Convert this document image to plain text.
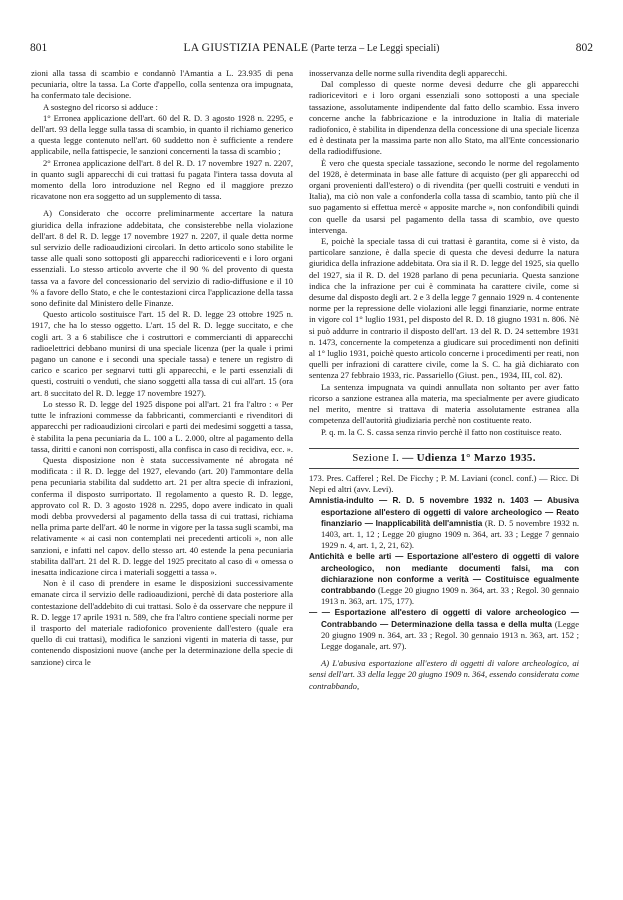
801	LA GIUSTIZIA PENALE (Parte terza – Le Leggi speciali)	802

zioni alla tassa di scambio e condannò l'Amantia a L. 23.935 di pena pecuniaria, oltre la tassa. La Corte d'appello, colla sentenza ora impugnata, ha confermato tale decisione.

A sostegno del ricorso si adduce :

1° Erronea applicazione dell'art. 60 del R. D. 3 agosto 1928 n. 2295, e dell'art. 93 della legge sulla tassa di scambio, in quanto il richiamo generico a questa legge contenuto nell'art. 60 suddetto non è sufficiente a rendere applicabile, nella fattispecie, le sanzioni concernenti la tassa di scambio ;

2° Erronea applicazione dell'art. 8 del R. D. 17 novembre 1927 n. 2207, in quanto sugli apparecchi di cui trattasi fu pagata l'intera tassa dovuta al momento della loro introduzione nel Regno ed il maggiore prezzo ricavatone non era soggetto ad un supplemento di tassa.

A) Considerato che occorre preliminarmente accertare la natura giuridica della infrazione addebitata, che consisterebbe nella violazione dell'art. 8 del R. D. legge 17 novembre 1927 n. 2207, il quale detta norme sul servizio delle radioaudizioni circolari. In detto articolo sono stabilite le tasse alle quali sono sottoposti gli apparecchi radioriceventi e i loro organi essenziali. Lo stesso articolo avverte che il 90 % del provento di questa tassa va a favore del concessionario del servizio di radio-diffusione e il 10 % a favore dello Stato, e che le contestazioni circa l'applicazione della tassa sono definite dal Ministero delle Finanze.

Questo articolo sostituisce l'art. 15 del R. D. legge 23 ottobre 1925 n. 1917, che ha lo stesso oggetto. L'art. 15 del R. D. legge succitato, e che cogli art. 3 a 6 stabilisce che i costruttori e commercianti di apparecchi radioelettrici debbano munirsi di una speciale licenza (per la quale i primi pagano un canone e i secondi una speciale tassa) e tenere un registro di carico e scarico per segnarvi tutti gli apparecchi, e le parti essenziali di questi, costruiti o venduti, che siano soggetti alla tassa di cui all'art. 15 (ora art. 8 succitato del R. D. legge 17 novembre 1927).

Lo stesso R. D. legge del 1925 dispone poi all'art. 21 fra l'altro : « Per tutte le infrazioni commesse da fabbricanti, commercianti e rivenditori di apparecchi per radioaudizioni circolari e parti dei medesimi soggetti a tassa, è stabilita la pena pecuniaria da L. 100 a L. 2.000, oltre al pagamento della tassa, diritti e canoni non corrisposti, alla confisca in caso di recidiva, ecc. ».

Questa disposizione non è stata successivamente né abrogata né modificata : il R. D. legge del 1927, elevando (art. 20) l'ammontare della pena pecuniaria stabilita dal suddetto art. 21 per altra specie di infrazioni, conferma il disposto surriportato. Il regolamento a questo R. D. legge, approvato col R. D. 3 agosto 1928 n. 2295, dopo avere indicato in quali modi debba provvedersi al pagamento della tassa di cui trattasi, richiama nella prima parte dell'art. 40 le norme in vigore per la tassa sugli scambi, ma relativamente « ai casi non contemplati nei precedenti articoli », non alle sanzioni, e infatti nel capov. dello stesso art. 40 estende la pena pecuniaria stabilita dall'art. 21 del R. D. legge del 1925 precitato al caso di « omessa o inesatta indicazione circa i materiali soggetti a tassa ».

Non è il caso di prendere in esame le disposizioni successivamente emanate circa il servizio delle radioaudizioni, perchè di data posteriore alla contestazione dell'addebito di cui trattasi. Solo è da osservare che neppure il R. D. legge 17 aprile 1931 n. 589, che fra l'altro contiene speciali norme per il trasporto del materiale radiofonico proveniente dall'estero (quale era quello di cui trattasi), modifica le sanzioni vigenti in materia di tasse, pur contenendo disposizioni nuove (anche per la determinazione della specie di sanzione) circa le

inosservanza delle norme sulla rivendita degli apparecchi.

Dal complesso di queste norme devesi dedurre che gli apparecchi radioricevitori e i loro organi essenziali sono sottoposti a una speciale tassazione, assolutamente indipendente dal fatto dello scambio. Essa invero concerne anche la fabbricazione e la introduzione in Italia di materiale radiofonico, è stabilita in dipendenza della concessione di una speciale licenza ed è destinata per la massima parte non allo Stato, ma all'Ente concessionario della radiodiffusione.

È vero che questa speciale tassazione, secondo le norme del regolamento del 1928, è determinata in base alle fatture di acquisto (per gli apparecchi od organi provenienti dall'estero) o di rivendita (per quelli costruiti e venduti in Italia), ma ciò non vale a confonderla colla tassa di scambio, tanto più che il suo pagamento si effettua mercè « apposite marche », non confondibili quindi con quelle da usarsi pel pagamento della tassa di scambio, ove questo intervenga.

E, poichè la speciale tassa di cui trattasi è garantita, come si è visto, da particolare sanzione, è dalla specie di questa che devesi dedurre la natura giuridica della infrazione addebitata. Ora sia il R. D. legge del 1925, sia quello del 1927, sia il R. D. del 1928 parlano di pena pecuniaria. Questa sanzione indica che la infrazione per cui è comminata ha carattere civile, come si desume dal disposto degli art. 2 e 3 della legge 7 gennaio 1929 n. 4 contenente norme per la repressione delle violazioni alle leggi finanziarie, norme entrate in vigore col 1° luglio 1931, pel disposto del R. D. 18 giugno 1931 n. 806. Nè si può addurre in contrario il disposto dell'art. 13 del R. D. 24 settembre 1931 n. 1473, concernente la competenza a giudicare sui procedimenti non definiti al 1° luglio 1931, poichè questo articolo concerne i procedimenti per reati, non quelli per infrazioni di carattere civile, come la S. C. ha già dichiarato con sentenza 27 febbraio 1933, ric. Passariello (Giust. pen., 1934, III, col. 82).

La sentenza impugnata va quindi annullata non soltanto per aver fatto ricorso a sanzione estranea alla materia, ma specialmente per avere giudicato nel merito, mentre si trattava di materia assolutamente estranea alla competenza dell'autorità giudiziaria perchè non costituente reato.

P. q. m. la C. S. cassa senza rinvio perchè il fatto non costituisce reato.

Sezione I. — Udienza 1° Marzo 1935.

173. Pres. Cafferel ; Rel. De Ficchy ; P. M. Laviani (concl. conf.) — Ricc. Di Nepi ed altri (avv. Levi).

Amnistia-indulto — R. D. 5 novembre 1932 n. 1403 — Abusiva esportazione all'estero di oggetti di valore archeologico — Reato finanziario — Inapplicabilità dell'amnistia (R. D. 5 novembre 1932 n. 1403, art. 1, 12 ; Legge 20 giugno 1909 n. 364, art. 33 ; Legge 7 gennaio 1929 n. 4, art. 1, 2, 21, 62).

Antichità e belle arti — Esportazione all'estero di oggetti di valore archeologico, non mediante documenti falsi, ma con dichiarazione non conforme a verità — Costituisce egualmente contrabbando (Legge 20 giugno 1909 n. 364, art. 33 ; Regol. 30 gennaio 1913 n. 363, art. 175, 177).

— — Esportazione all'estero di oggetti di valore archeologico — Contrabbando — Determinazione della tassa e della multa (Legge 20 giugno 1909 n. 364, art. 33 ; Regol. 30 gennaio 1913 n. 363, art. 152 ; Legge doganale, art. 97).

A) L'abusiva esportazione all'estero di oggetti di valore archeologico, ai sensi dell'art. 33 della legge 20 giugno 1909 n. 364, essendo considerata come contrabbando,
